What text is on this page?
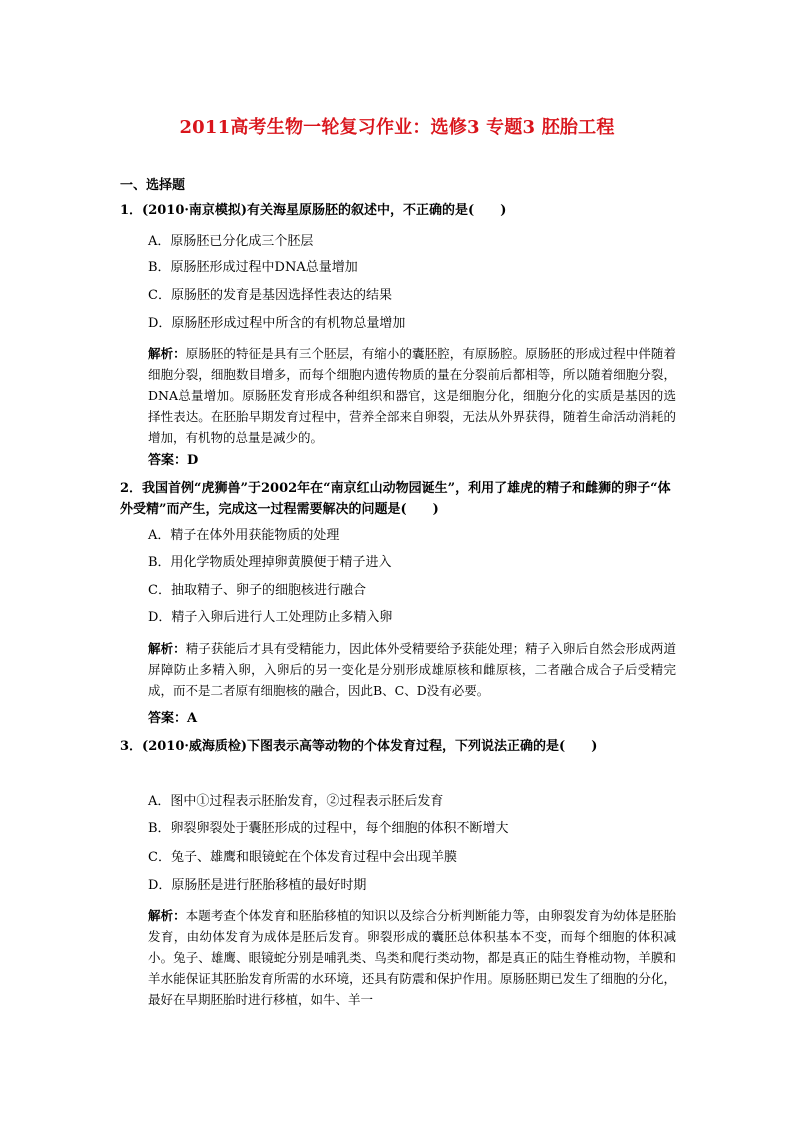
2011高考生物一轮复习作业：选修3 专题3 胚胎工程
一、选择题
1．(2010·南京模拟)有关海星原肠胚的叙述中，不正确的是(　　)
A．原肠胚已分化成三个胚层
B．原肠胚形成过程中DNA总量增加
C．原肠胚的发育是基因选择性表达的结果
D．原肠胚形成过程中所含的有机物总量增加
解析：原肠胚的特征是具有三个胚层，有缩小的囊胚腔，有原肠腔。原肠胚的形成过程中伴随着细胞分裂，细胞数目增多，而每个细胞内遗传物质的量在分裂前后都相等，所以随着细胞分裂，DNA总量增加。原肠胚发育形成各种组织和器官，这是细胞分化，细胞分化的实质是基因的选择性表达。在胚胎早期发育过程中，营养全部来自卵裂，无法从外界获得，随着生命活动消耗的增加，有机物的总量是减少的。
答案：D
2．我国首例“虎狮兽”于2002年在“南京红山动物园诞生”，利用了雄虎的精子和雌狮的卵子“体外受精”而产生，完成这一过程需要解决的问题是(　　)
A．精子在体外用获能物质的处理
B．用化学物质处理掉卵黄膜便于精子进入
C．抽取精子、卵子的细胞核进行融合
D．精子入卵后进行人工处理防止多精入卵
解析：精子获能后才具有受精能力，因此体外受精要给予获能处理；精子入卵后自然会形成两道屏障防止多精入卵，入卵后的另一变化是分别形成雄原核和雌原核，二者融合成合子后受精完成，而不是二者原有细胞核的融合，因此B、C、D没有必要。
答案：A
3．(2010·威海质检)下图表示高等动物的个体发育过程，下列说法正确的是(　　)
A．图中①过程表示胚胎发育，②过程表示胚后发育
B．卵裂卵裂处于囊胚形成的过程中，每个细胞的体积不断增大
C．兔子、雄鹰和眼镜蛇在个体发育过程中会出现羊膜
D．原肠胚是进行胚胎移植的最好时期
解析：本题考查个体发育和胚胎移植的知识以及综合分析判断能力等，由卵裂发育为幼体是胚胎发育，由幼体发育为成体是胚后发育。卵裂形成的囊胚总体积基本不变，而每个细胞的体积减小。兔子、雄鹰、眼镜蛇分别是哺乳类、鸟类和爬行类动物，都是真正的陆生脊椎动物，羊膜和羊水能保证其胚胎发育所需的水环境，还具有防震和保护作用。原肠胚期已发生了细胞的分化，最好在早期胚胎时进行移植，如牛、羊一
